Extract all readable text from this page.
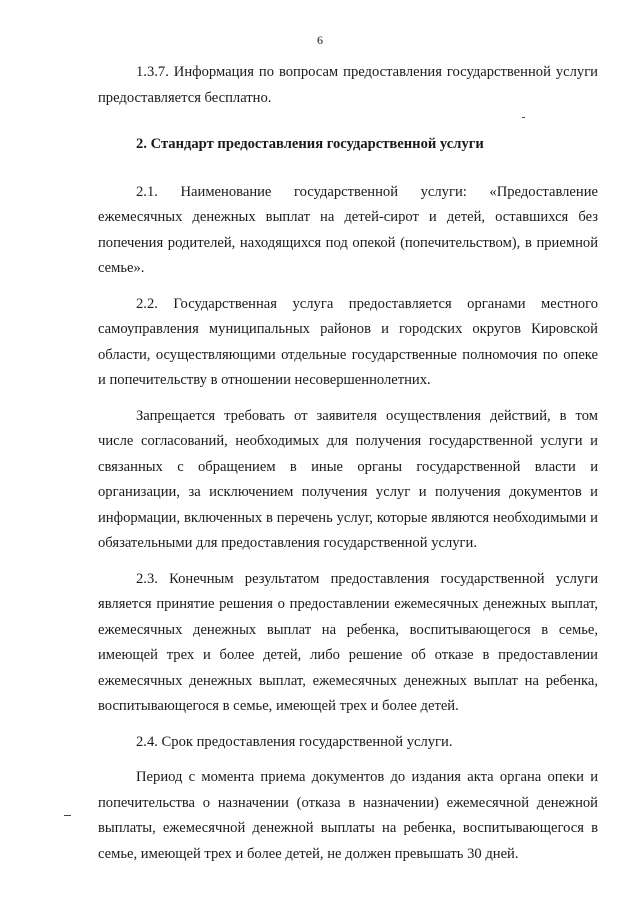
6

1.3.7. Информация по вопросам предоставления государственной услуги предоставляется бесплатно.

2. Стандарт предоставления государственной услуги

2.1. Наименование государственной услуги: «Предоставление ежемесячных денежных выплат на детей-сирот и детей, оставшихся без попечения родителей, находящихся под опекой (попечительством), в приемной семье».

2.2. Государственная услуга предоставляется органами местного самоуправления муниципальных районов и городских округов Кировской области, осуществляющими отдельные государственные полномочия по опеке и попечительству в отношении несовершеннолетних.

Запрещается требовать от заявителя осуществления действий, в том числе согласований, необходимых для получения государственной услуги и связанных с обращением в иные органы государственной власти и организации, за исключением получения услуг и получения документов и информации, включенных в перечень услуг, которые являются необходимыми и обязательными для предоставления государственной услуги.

2.3. Конечным результатом предоставления государственной услуги является принятие решения о предоставлении ежемесячных денежных выплат, ежемесячных денежных выплат на ребенка, воспитывающегося в семье, имеющей трех и более детей, либо решение об отказе в предоставлении ежемесячных денежных выплат, ежемесячных денежных выплат на ребенка, воспитывающегося в семье, имеющей трех и более детей.

2.4. Срок предоставления государственной услуги.

Период с момента приема документов до издания акта органа опеки и попечительства о назначении (отказа в назначении) ежемесячной денежной выплаты, ежемесячной денежной выплаты на ребенка, воспитывающегося в семье, имеющей трех и более детей, не должен превышать 30 дней.
